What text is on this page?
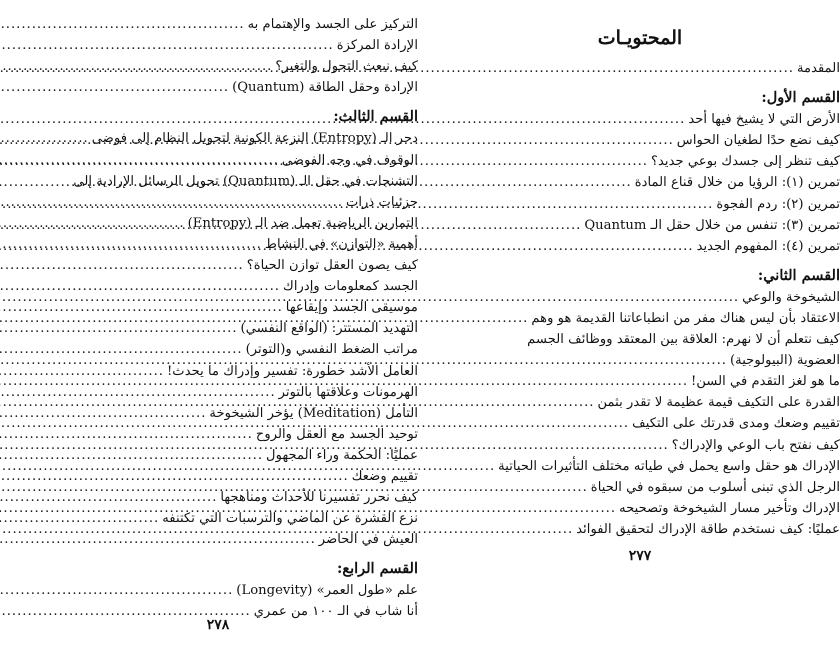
التركيز على الجسد والإهتمام به
.....
الإرادة المركزة
.....
كيف نبعث التحول والتغير؟
.....
الإرادة وحقل الطاقة (Quantum)
.....
القسم الثالث:
دحر الـ (Entropy) النزعة الكونية لتحويل النظام إلى فوضى
.....
الوقوف في وجه الفوضى
.....
التشنجات في حقل الـ (Quantum) تحويل الرسائل الإرادية إلى
جزئيات ذرات
.....
التمارين الرياضية تعمل ضد الـ (Entropy)
.....
أهمية «التوازن» في النشاط
.....
كيف يصون العقل توازن الحياة؟
.....
الجسد كمعلومات وإدراك
.....
موسيقى الجسد وإيقاعها
.....
التهديد المستتر: (الواقع النفسي)
.....
مراتب الضغط النفسي و(التوتر)
.....
العامل الأشد خطورة: تفسير وإدراك ما يحدث!
.....
الهرمونات وعلاقتها بالتوتر
.....
التأمل (Meditation) يؤخر الشيخوخة
.....
توحيد الجسد مع العقل والروح
.....
عمليًا: الحكمة وراء المجهول
.....
تقييم وضعك
.....
كيف نحرر تفسيرنا للأحداث ومناهجها
.....
نزع القشرة عن الماضي والترسبات التي تكتنفه
.....
العيش في الحاضر
.....
القسم الرابع:
علم «طول العمر» (Longevity)
.....
أنا شاب في الـ ١٠٠ من عمري
.....
٢٧٨
المحتويـات
المقدمة
.....
القسم الأول:
الأرض التي لا يشيخ فيها أحد
.....
كيف نضع حدًا لطغيان الحواس
.....
كيف تنظر إلى جسدك بوعي جديد؟
.....
تمرين (١): الرؤيا من خلال قناع المادة
.....
تمرين (٢): ردم الفجوة
.....
تمرين (٣): تنفس من خلال حقل الـ Quantum
.....
تمرين (٤): المفهوم الجديد
.....
القسم الثاني:
الشيخوخة والوعي
.....
الاعتقاد بأن ليس هناك مفر من انطباعاتنا القديمة هو وهم
.....
كيف نتعلم أن لا نهرم: العلاقة بين المعتقد ووظائف الجسم
العضوية (البيولوجية)
.....
ما هو لغز التقدم في السن!
.....
القدرة على التكيف قيمة عظيمة لا تقدر بثمن
.....
تقييم وضعك ومدى قدرتك على التكيف
.....
كيف نفتح باب الوعي والإدراك؟
.....
الإدراك هو حقل واسع يحمل في طياته مختلف التأثيرات الحياتية
.....
الرجل الذي تبنى أسلوب من سبقوه في الحياة
.....
الإدراك وتأخير مسار الشيخوخة وتصحيحه
.....
عمليًا: كيف نستخدم طاقة الإدراك لتحقيق الفوائد
.....
٢٧٧
